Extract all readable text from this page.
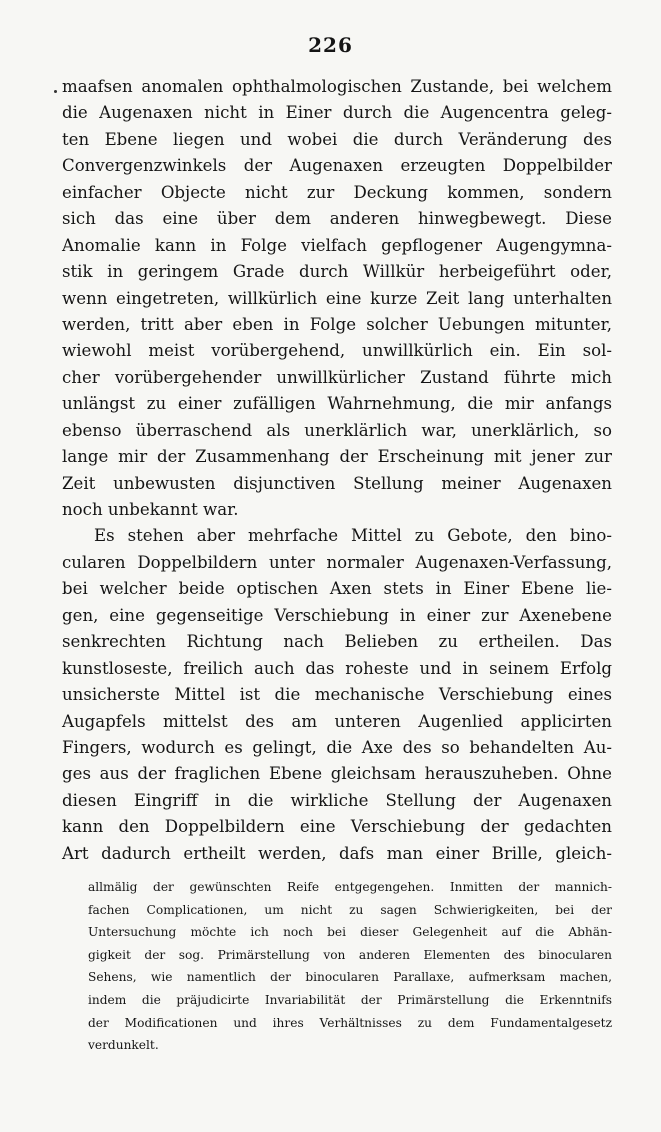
226
maafsen anomalen ophthalmologischen Zustande, bei welchem
die Augenaxen nicht in Einer durch die Augencentra geleg-
ten Ebene liegen und wobei die durch Veränderung des
Convergenzwinkels der Augenaxen erzeugten Doppelbilder
einfacher Objecte nicht zur Deckung kommen, sondern
sich das eine über dem anderen hinwegbewegt. Diese
Anomalie kann in Folge vielfach gepflogener Augengymna-
stik in geringem Grade durch Willkür herbeigeführt oder,
wenn eingetreten, willkürlich eine kurze Zeit lang unterhalten
werden, tritt aber eben in Folge solcher Uebungen mitunter,
wiewohl meist vorübergehend, unwillkürlich ein. Ein sol-
cher vorübergehender unwillkürlicher Zustand führte mich
unlängst zu einer zufälligen Wahrnehmung, die mir anfangs
ebenso überraschend als unerklärlich war, unerklärlich, so
lange mir der Zusammenhang der Erscheinung mit jener zur
Zeit unbewusten disjunctiven Stellung meiner Augenaxen
noch unbekannt war.
Es stehen aber mehrfache Mittel zu Gebote, den bino-
cularen Doppelbildern unter normaler Augenaxen-Verfassung,
bei welcher beide optischen Axen stets in Einer Ebene lie-
gen, eine gegenseitige Verschiebung in einer zur Axenebene
senkrechten Richtung nach Belieben zu ertheilen. Das
kunstloseste, freilich auch das roheste und in seinem Erfolg
unsicherste Mittel ist die mechanische Verschiebung eines
Augapfels mittelst des am unteren Augenlied applicirten
Fingers, wodurch es gelingt, die Axe des so behandelten Au-
ges aus der fraglichen Ebene gleichsam herauszuheben. Ohne
diesen Eingriff in die wirkliche Stellung der Augenaxen
kann den Doppelbildern eine Verschiebung der gedachten
Art dadurch ertheilt werden, dafs man einer Brille, gleich-
allmälig der gewünschten Reife entgegengehen. Inmitten der mannich-
fachen Complicationen, um nicht zu sagen Schwierigkeiten, bei der
Untersuchung möchte ich noch bei dieser Gelegenheit auf die Abhän-
gigkeit der sog. Primärstellung von anderen Elementen des binocularen
Sehens, wie namentlich der binocularen Parallaxe, aufmerksam machen,
indem die präjudicirte Invariabilität der Primärstellung die Erkenntnifs
der Modificationen und ihres Verhältnisses zu dem Fundamentalgesetz
verdunkelt.
